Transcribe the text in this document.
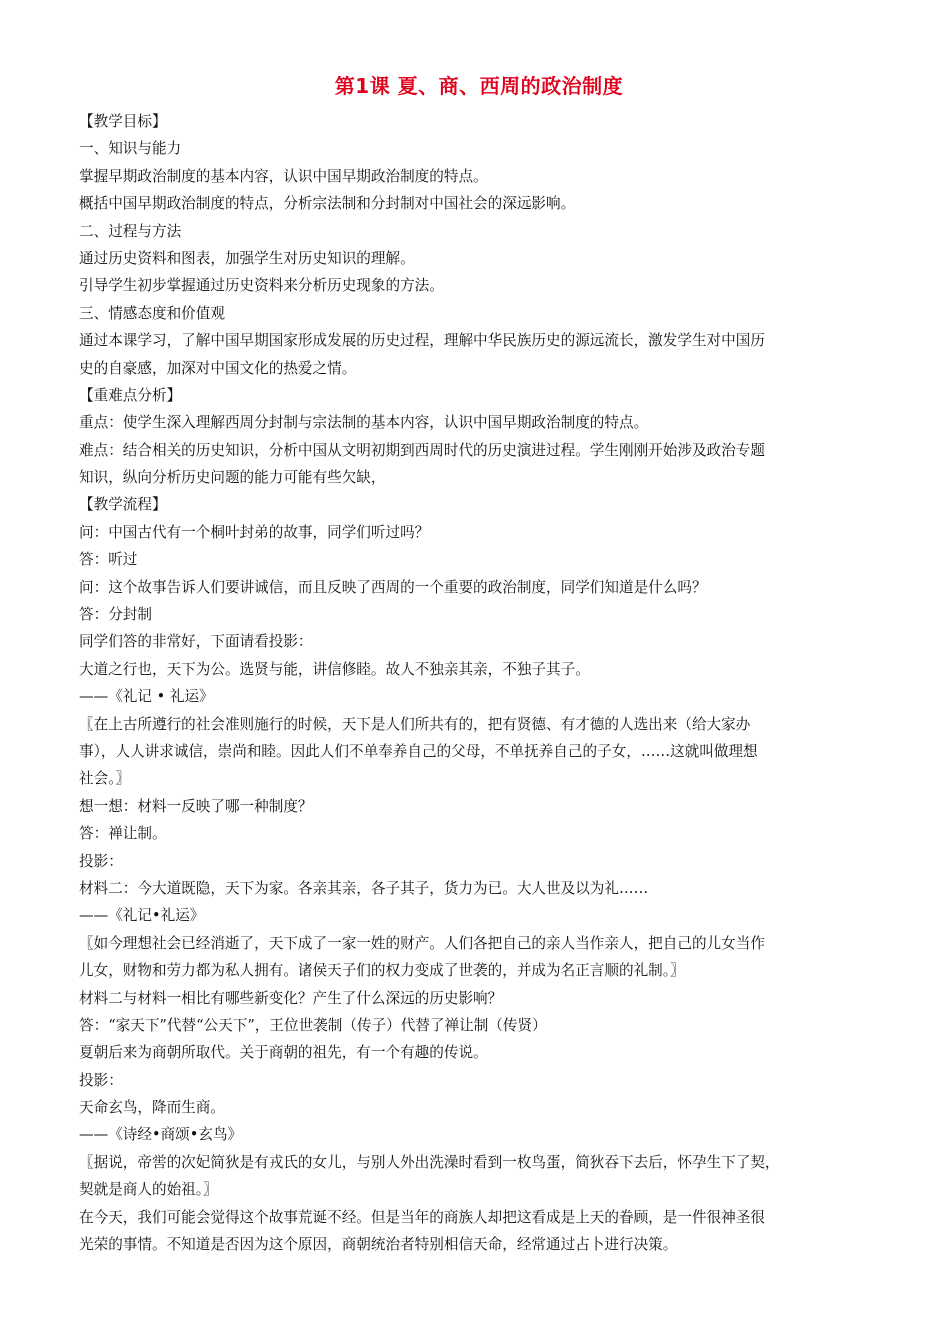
第1课 夏、商、西周的政治制度

【教学目标】

一、知识与能力

掌握早期政治制度的基本内容，认识中国早期政治制度的特点。

概括中国早期政治制度的特点，分析宗法制和分封制对中国社会的深远影响。

二、过程与方法

通过历史资料和图表，加强学生对历史知识的理解。

引导学生初步掌握通过历史资料来分析历史现象的方法。

三、情感态度和价值观

通过本课学习，了解中国早期国家形成发展的历史过程，理解中华民族历史的源远流长，激发学生对中国历

史的自豪感，加深对中国文化的热爱之情。

【重难点分析】

重点：使学生深入理解西周分封制与宗法制的基本内容，认识中国早期政治制度的特点。

难点：结合相关的历史知识，分析中国从文明初期到西周时代的历史演进过程。学生刚刚开始涉及政治专题

知识，纵向分析历史问题的能力可能有些欠缺，

【教学流程】

问：中国古代有一个桐叶封弟的故事，同学们听过吗？

答：听过

问：这个故事告诉人们要讲诚信，而且反映了西周的一个重要的政治制度，同学们知道是什么吗？

答：分封制

同学们答的非常好，下面请看投影：

大道之行也，天下为公。选贤与能，讲信修睦。故人不独亲其亲，不独子其子。

——《礼记 • 礼运》

〖在上古所遵行的社会准则施行的时候，天下是人们所共有的，把有贤德、有才德的人选出来（给大家办

事），人人讲求诚信，崇尚和睦。因此人们不单奉养自己的父母，不单抚养自己的子女，……这就叫做理想

社会。〗

想一想：材料一反映了哪一种制度？

答：禅让制。

投影：

材料二：今大道既隐，天下为家。各亲其亲，各子其子，货力为已。大人世及以为礼……

——《礼记•礼运》

〖如今理想社会已经消逝了，天下成了一家一姓的财产。人们各把自己的亲人当作亲人，把自己的儿女当作

儿女，财物和劳力都为私人拥有。诸侯天子们的权力变成了世袭的，并成为名正言顺的礼制。〗

材料二与材料一相比有哪些新变化？产生了什么深远的历史影响？

答：“家天下”代替“公天下”，王位世袭制（传子）代替了禅让制（传贤）

夏朝后来为商朝所取代。关于商朝的祖先，有一个有趣的传说。

投影：

天命玄鸟，降而生商。

——《诗经•商颂•玄鸟》

〖据说，帝喾的次妃简狄是有戎氏的女儿，与别人外出洗澡时看到一枚鸟蛋，简狄吞下去后，怀孕生下了契，

契就是商人的始祖。〗

在今天，我们可能会觉得这个故事荒诞不经。但是当年的商族人却把这看成是上天的眷顾，是一件很神圣很

光荣的事情。不知道是否因为这个原因，商朝统治者特别相信天命，经常通过占卜进行决策。
